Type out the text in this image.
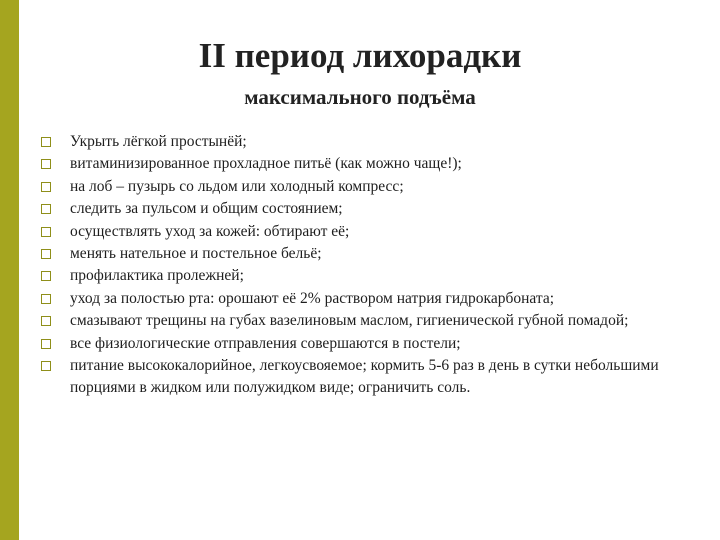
II период лихорадки
максимального подъёма
Укрыть лёгкой простынёй;
витаминизированное прохладное питьё (как можно чаще!);
на лоб – пузырь со льдом или холодный компресс;
следить за пульсом и общим состоянием;
осуществлять уход за кожей: обтирают её;
менять нательное и постельное бельё;
профилактика пролежней;
уход за полостью рта: орошают её 2% раствором натрия гидрокарбоната;
смазывают трещины на губах вазелиновым маслом, гигиенической губной помадой;
все физиологические отправления совершаются в постели;
питание высококалорийное, легкоусвояемое; кормить 5-6 раз в день в сутки небольшими порциями в жидком или полужидком виде; ограничить соль.
